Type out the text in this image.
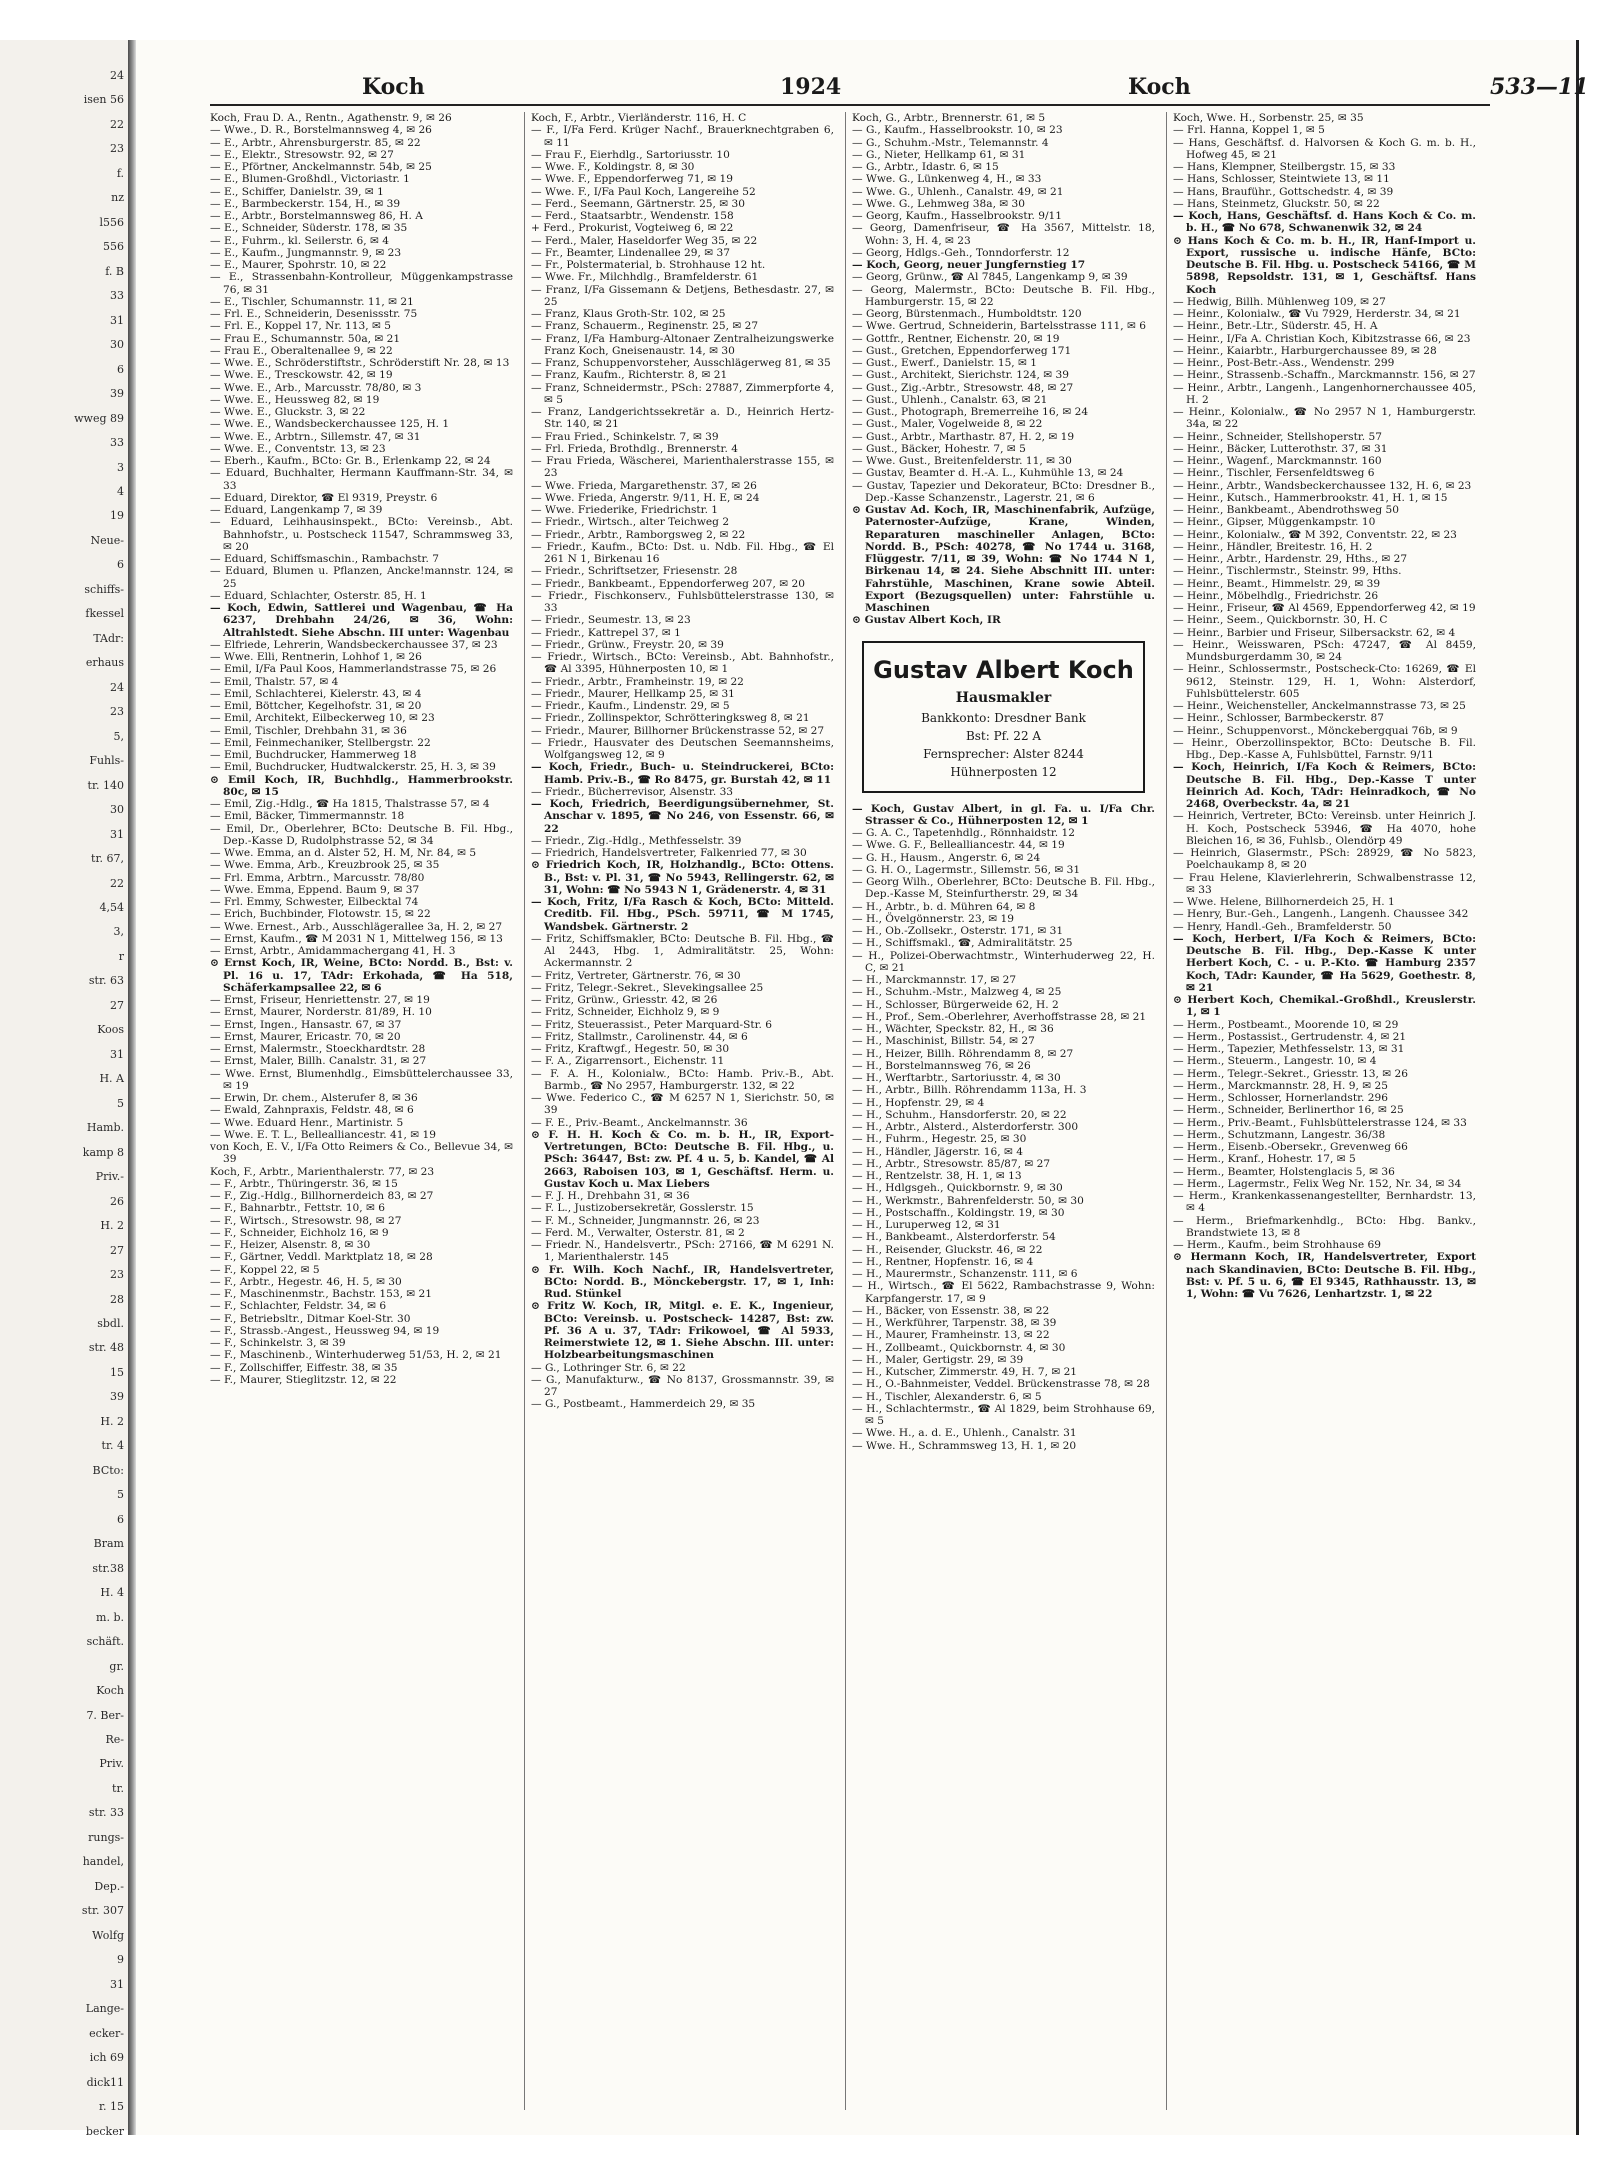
24
isen 56
22
23
f.
nz
l556
556
f. B
33
31
30
6
39
wweg 89
33
3
4
19
Neue-
6
schiffs-
fkessel
TAdr:
erhaus
24
23
5,
Fuhls-
tr. 140
30
31
tr. 67,
22
4,54
3,
r
str. 63
27
Koos
31
H. A
5
Hamb.
kamp 8
Priv.-
26
H. 2
27
23
28
sbdl.
str. 48
15
39
H. 2
tr. 4
BCto:
5
6
Bram
str.38
H. 4
m. b.
schäft.
gr.
Koch
7. Ber-
Re-
Priv.
tr.
str. 33
rungs-
handel,
Dep.-
str. 307
Wolfg
9
31
Lange-
ecker-
ich 69
dick11
r. 15
becker
Koch	1924	Koch	533—11
Koch, Frau D. A., Rentn., Agathenstr. 9, ✉ 26
— Wwe., D. R., Borstelmannsweg 4, ✉ 26
— E., Arbtr., Ahrensburgerstr. 85, ✉ 22
— E., Elektr., Stresowstr. 92, ✉ 27
— E., Pförtner, Anckelmannstr. 54b, ✉ 25
— E., Blumen-Großhdl., Victoriastr. 1
— E., Schiffer, Danielstr. 39, ✉ 1
— E., Barmbeckerstr. 154, H., ✉ 39
— E., Arbtr., Borstelmannsweg 86, H. A
— E., Schneider, Süderstr. 178, ✉ 35
— E., Fuhrm., kl. Seilerstr. 6, ✉ 4
— E., Kaufm., Jungmannstr. 9, ✉ 23
— E., Maurer, Spohrstr. 10, ✉ 22
— E., Strassenbahn-Kontrolleur, Müggenkampstrasse 76, ✉ 31
— E., Tischler, Schumannstr. 11, ✉ 21
— Frl. E., Schneiderin, Desenissstr. 75
— Frl. E., Koppel 17, Nr. 113, ✉ 5
— Frau E., Schumannstr. 50a, ✉ 21
— Frau E., Oberaltenallee 9, ✉ 22
— Wwe. E., Schröderstiftstr., Schröderstift Nr. 28, ✉ 13
— Wwe. E., Tresckowstr. 42, ✉ 19
— Wwe. E., Arb., Marcusstr. 78/80, ✉ 3
— Wwe. E., Heussweg 82, ✉ 19
— Wwe. E., Gluckstr. 3, ✉ 22
— Wwe. E., Wandsbeckerchaussee 125, H. 1
— Wwe. E., Arbtrn., Sillemstr. 47, ✉ 31
— Wwe. E., Conventstr. 13, ✉ 23
— Eberh., Kaufm., BCto: Gr. B., Erlenkamp 22, ✉ 24
— Eduard, Buchhalter, Hermann Kauffmann-Str. 34, ✉ 33
— Eduard, Direktor, ☎ El 9319, Preystr. 6
— Eduard, Langenkamp 7, ✉ 39
— Eduard, Leihhausinspekt., BCto: Vereinsb., Abt. Bahnhofstr., u. Postscheck 11547, Schrammsweg 33, ✉ 20
— Eduard, Schiffsmaschin., Rambachstr. 7
— Eduard, Blumen u. Pflanzen, Ancke!mannstr. 124, ✉ 25
— Eduard, Schlachter, Osterstr. 85, H. 1
— Koch, Edwin, Sattlerei und Wagenbau, ☎ Ha 6237, Drehbahn 24/26, ✉ 36, Wohn: Altrahlstedt. Siehe Abschn. III unter: Wagenbau
— Elfriede, Lehrerin, Wandsbeckerchaussee 37, ✉ 23
— Wwe. Elli, Rentnerin, Lohhof 1, ✉ 26
— Emil, I/Fa Paul Koos, Hammerlandstrasse 75, ✉ 26
— Emil, Thalstr. 57, ✉ 4
— Emil, Schlachterei, Kielerstr. 43, ✉ 4
— Emil, Böttcher, Kegelhofstr. 31, ✉ 20
— Emil, Architekt, Eilbeckerweg 10, ✉ 23
— Emil, Tischler, Drehbahn 31, ✉ 36
— Emil, Feinmechaniker, Stellbergstr. 22
— Emil, Buchdrucker, Hammerweg 18
— Emil, Buchdrucker, Hudtwalckerstr. 25, H. 3, ✉ 39
⊙ Emil Koch, IR, Buchhdlg., Hammerbrookstr. 80c, ✉ 15
— Emil, Zig.-Hdlg., ☎ Ha 1815, Thalstrasse 57, ✉ 4
— Emil, Bäcker, Timmermannstr. 18
— Emil, Dr., Oberlehrer, BCto: Deutsche B. Fil. Hbg., Dep.-Kasse D, Rudolphstrasse 52, ✉ 34
— Wwe. Emma, an d. Alster 52, H. M, Nr. 84, ✉ 5
— Wwe. Emma, Arb., Kreuzbrook 25, ✉ 35
— Frl. Emma, Arbtrn., Marcusstr. 78/80
— Wwe. Emma, Eppend. Baum 9, ✉ 37
— Frl. Emmy, Schwester, Eilbecktal 74
— Erich, Buchbinder, Flotowstr. 15, ✉ 22
— Wwe. Ernest., Arb., Ausschlägerallee 3a, H. 2, ✉ 27
— Ernst, Kaufm., ☎ M 2031 N 1, Mittelweg 156, ✉ 13
— Ernst, Arbtr., Amidammachergang 41, H. 3
⊙ Ernst Koch, IR, Weine, BCto: Nordd. B., Bst: v. Pl. 16 u. 17, TAdr: Erkohada, ☎ Ha 518, Schäferkampsallee 22, ✉ 6
— Ernst, Friseur, Henriettenstr. 27, ✉ 19
— Ernst, Maurer, Norderstr. 81/89, H. 10
— Ernst, Ingen., Hansastr. 67, ✉ 37
— Ernst, Maurer, Ericastr. 70, ✉ 20
— Ernst, Malermstr., Stoeckhardtstr. 28
— Ernst, Maler, Billh. Canalstr. 31, ✉ 27
— Wwe. Ernst, Blumenhdlg., Eimsbüttelerchaussee 33, ✉ 19
— Erwin, Dr. chem., Alsterufer 8, ✉ 36
— Ewald, Zahnpraxis, Feldstr. 48, ✉ 6
— Wwe. Eduard Henr., Martinistr. 5
— Wwe. E. T. L., Bellealliancestr. 41, ✉ 19
von Koch, E. V., I/Fa Otto Reimers & Co., Bellevue 34, ✉ 39
Koch, F., Arbtr., Marienthalerstr. 77, ✉ 23
— F., Arbtr., Thüringerstr. 36, ✉ 15
— F., Zig.-Hdlg., Billhornerdeich 83, ✉ 27
— F., Bahnarbtr., Fettstr. 10, ✉ 6
— F., Wirtsch., Stresowstr. 98, ✉ 27
— F., Schneider, Eichholz 16, ✉ 9
— F., Heizer, Alsenstr. 8, ✉ 30
— F., Gärtner, Veddl. Marktplatz 18, ✉ 28
— F., Koppel 22, ✉ 5
— F., Arbtr., Hegestr. 46, H. 5, ✉ 30
— F., Maschinenmstr., Bachstr. 153, ✉ 21
— F., Schlachter, Feldstr. 34, ✉ 6
— F., Betriebsltr., Ditmar Koel-Str. 30
— F., Strassb.-Angest., Heussweg 94, ✉ 19
— F., Schinkelstr. 3, ✉ 39
— F., Maschinenb., Winterhuderweg 51/53, H. 2, ✉ 21
— F., Zollschiffer, Eiffestr. 38, ✉ 35
— F., Maurer, Stieglitzstr. 12, ✉ 22
Koch, F., Arbtr., Vierländerstr. 116, H. C
— F., I/Fa Ferd. Krüger Nachf., Brauerknechtgraben 6, ✉ 11
— Frau F., Eierhdlg., Sartoriusstr. 10
— Wwe. F., Koldingstr. 8, ✉ 30
— Wwe. F., Eppendorferweg 71, ✉ 19
— Wwe. F., I/Fa Paul Koch, Langereihe 52
— Ferd., Seemann, Gärtnerstr. 25, ✉ 30
— Ferd., Staatsarbtr., Wendenstr. 158
+ Ferd., Prokurist, Vogteiweg 6, ✉ 22
— Ferd., Maler, Haseldorfer Weg 35, ✉ 22
— Fr., Beamter, Lindenallee 29, ✉ 37
— Fr., Polstermaterial, b. Strohhause 12 ht.
— Wwe. Fr., Milchhdlg., Bramfelderstr. 61
— Franz, I/Fa Gissemann & Detjens, Bethesdastr. 27, ✉ 25
— Franz, Klaus Groth-Str. 102, ✉ 25
— Franz, Schauerm., Reginenstr. 25, ✉ 27
— Franz, I/Fa Hamburg-Altonaer Zentralheizungswerke Franz Koch, Gneisenaustr. 14, ✉ 30
— Franz, Schuppenvorsteher, Ausschlägerweg 81, ✉ 35
— Franz, Kaufm., Richterstr. 8, ✉ 21
— Franz, Schneidermstr., PSch: 27887, Zimmerpforte 4, ✉ 5
— Franz, Landgerichtssekretär a. D., Heinrich Hertz-Str. 140, ✉ 21
— Frau Fried., Schinkelstr. 7, ✉ 39
— Frl. Frieda, Brothdlg., Brennerstr. 4
— Frau Frieda, Wäscherei, Marienthalerstrasse 155, ✉ 23
— Wwe. Frieda, Margarethenstr. 37, ✉ 26
— Wwe. Frieda, Angerstr. 9/11, H. E, ✉ 24
— Wwe. Friederike, Friedrichstr. 1
— Friedr., Wirtsch., alter Teichweg 2
— Friedr., Arbtr., Ramborgsweg 2, ✉ 22
— Friedr., Kaufm., BCto: Dst. u. Ndb. Fil. Hbg., ☎ El 261 N 1, Birkenau 16
— Friedr., Schriftsetzer, Friesenstr. 28
— Friedr., Bankbeamt., Eppendorferweg 207, ✉ 20
— Friedr., Fischkonserv., Fuhlsbüttelerstrasse 130, ✉ 33
— Friedr., Seumestr. 13, ✉ 23
— Friedr., Kattrepel 37, ✉ 1
— Friedr., Grünw., Freystr. 20, ✉ 39
— Friedr., Wirtsch., BCto: Vereinsb., Abt. Bahnhofstr., ☎ Al 3395, Hühnerposten 10, ✉ 1
— Friedr., Arbtr., Framheinstr. 19, ✉ 22
— Friedr., Maurer, Hellkamp 25, ✉ 31
— Friedr., Kaufm., Lindenstr. 29, ✉ 5
— Friedr., Zollinspektor, Schrötteringksweg 8, ✉ 21
— Friedr., Maurer, Billhorner Brückenstrasse 52, ✉ 27
— Friedr., Hausvater des Deutschen Seemannsheims, Wolfgangsweg 12, ✉ 9
— Koch, Friedr., Buch- u. Steindruckerei, BCto: Hamb. Priv.-B., ☎ Ro 8475, gr. Burstah 42, ✉ 11
— Friedr., Bücherrevisor, Alsenstr. 33
— Koch, Friedrich, Beerdigungsübernehmer, St. Anschar v. 1895, ☎ No 246, von Essenstr. 66, ✉ 22
— Friedr., Zig.-Hdlg., Methfesselstr. 39
— Friedrich, Handelsvertreter, Falkenried 77, ✉ 30
⊙ Friedrich Koch, IR, Holzhandlg., BCto: Ottens. B., Bst: v. Pl. 31, ☎ No 5943, Rellingerstr. 62, ✉ 31, Wohn: ☎ No 5943 N 1, Grädenerstr. 4, ✉ 31
— Koch, Fritz, I/Fa Rasch & Koch, BCto: Mitteld. Creditb. Fil. Hbg., PSch. 59711, ☎ M 1745, Wandsbek. Gärtnerstr. 2
— Fritz, Schiffsmakler, BCto: Deutsche B. Fil. Hbg., ☎ Al 2443, Hbg. 1, Admiralitätstr. 25, Wohn: Ackermannstr. 2
— Fritz, Vertreter, Gärtnerstr. 76, ✉ 30
— Fritz, Telegr.-Sekret., Slevekingsallee 25
— Fritz, Grünw., Griesstr. 42, ✉ 26
— Fritz, Schneider, Eichholz 9, ✉ 9
— Fritz, Steuerassist., Peter Marquard-Str. 6
— Fritz, Stallmstr., Carolinenstr. 44, ✉ 6
— Fritz, Kraftwgf., Hegestr. 50, ✉ 30
— F. A., Zigarrensort., Eichenstr. 11
— F. A. H., Kolonialw., BCto: Hamb. Priv.-B., Abt. Barmb., ☎ No 2957, Hamburgerstr. 132, ✉ 22
— Wwe. Federico C., ☎ M 6257 N 1, Sierichstr. 50, ✉ 39
— F. E., Priv.-Beamt., Anckelmannstr. 36
⊙ F. H. H. Koch & Co. m. b. H., IR, Export-Vertretungen, BCto: Deutsche B. Fil. Hbg., u. PSch: 36447, Bst: zw. Pf. 4 u. 5, b. Kandel, ☎ Al 2663, Raboisen 103, ✉ 1, Geschäftsf. Herm. u. Gustav Koch u. Max Liebers
— F. J. H., Drehbahn 31, ✉ 36
— F. L., Justizobersekretär, Gosslerstr. 15
— F. M., Schneider, Jungmannstr. 26, ✉ 23
— Ferd. M., Verwalter, Osterstr. 81, ✉ 2
— Friedr. N., Handelsvertr., PSch: 27166, ☎ M 6291 N. 1, Marienthalerstr. 145
⊙ Fr. Wilh. Koch Nachf., IR, Handelsvertreter, BCto: Nordd. B., Mönckebergstr. 17, ✉ 1, Inh: Rud. Stünkel
⊙ Fritz W. Koch, IR, Mitgl. e. E. K., Ingenieur, BCto: Vereinsb. u. Postscheck- 14287, Bst: zw. Pf. 36 A u. 37, TAdr: Frikowoel, ☎ Al 5933, Reimerstwiete 12, ✉ 1. Siehe Abschn. III. unter: Holzbearbeitungsmaschinen
— G., Lothringer Str. 6, ✉ 22
— G., Manufakturw., ☎ No 8137, Grossmannstr. 39, ✉ 27
— G., Postbeamt., Hammerdeich 29, ✉ 35
Koch, G., Arbtr., Brennerstr. 61, ✉ 5
— G., Kaufm., Hasselbrookstr. 10, ✉ 23
— G., Schuhm.-Mstr., Telemannstr. 4
— G., Nieter, Hellkamp 61, ✉ 31
— G., Arbtr., Idastr. 6, ✉ 15
— Wwe. G., Lünkenweg 4, H., ✉ 33
— Wwe. G., Uhlenh., Canalstr. 49, ✉ 21
— Wwe. G., Lehmweg 38a, ✉ 30
— Georg, Kaufm., Hasselbrookstr. 9/11
— Georg, Damenfriseur, ☎ Ha 3567, Mittelstr. 18, Wohn: 3, H. 4, ✉ 23
— Georg, Hdlgs.-Geh., Tonndorferstr. 12
— Koch, Georg, neuer Jungfernstieg 17
— Georg, Grünw., ☎ Al 7845, Langenkamp 9, ✉ 39
— Georg, Malermstr., BCto: Deutsche B. Fil. Hbg., Hamburgerstr. 15, ✉ 22
— Georg, Bürstenmach., Humboldtstr. 120
— Wwe. Gertrud, Schneiderin, Bartelsstrasse 111, ✉ 6
— Gottfr., Rentner, Eichenstr. 20, ✉ 19
— Gust., Gretchen, Eppendorferweg 171
— Gust., Ewerf., Danielstr. 15, ✉ 1
— Gust., Architekt, Sierichstr. 124, ✉ 39
— Gust., Zig.-Arbtr., Stresowstr. 48, ✉ 27
— Gust., Uhlenh., Canalstr. 63, ✉ 21
— Gust., Photograph, Bremerreihe 16, ✉ 24
— Gust., Maler, Vogelweide 8, ✉ 22
— Gust., Arbtr., Marthastr. 87, H. 2, ✉ 19
— Gust., Bäcker, Hohestr. 7, ✉ 5
— Wwe. Gust., Breitenfelderstr. 11, ✉ 30
— Gustav, Beamter d. H.-A. L., Kuhmühle 13, ✉ 24
— Gustav, Tapezier und Dekorateur, BCto: Dresdner B., Dep.-Kasse Schanzenstr., Lagerstr. 21, ✉ 6
⊙ Gustav Ad. Koch, IR, Maschinenfabrik, Aufzüge, Paternoster-Aufzüge, Krane, Winden, Reparaturen maschineller Anlagen, BCto: Nordd. B., PSch: 40278, ☎ No 1744 u. 3168, Flüggestr. 7/11, ✉ 39, Wohn: ☎ No 1744 N 1, Birkenau 14, ✉ 24. Siehe Abschnitt III. unter: Fahrstühle, Maschinen, Krane sowie Abteil. Export (Bezugsquellen) unter: Fahrstühle u. Maschinen
⊙ Gustav Albert Koch, IR
Gustav Albert Koch
Hausmakler
Bankkonto: Dresdner Bank
Bst: Pf. 22 A
Fernsprecher: Alster 8244
Hühnerposten 12
— Koch, Gustav Albert, in gl. Fa. u. I/Fa Chr. Strasser & Co., Hühnerposten 12, ✉ 1
— G. A. C., Tapetenhdlg., Rönnhaidstr. 12
— Wwe. G. F., Bellealliancestr. 44, ✉ 19
— G. H., Hausm., Angerstr. 6, ✉ 24
— G. H. O., Lagermstr., Sillemstr. 56, ✉ 31
— Georg Wilh., Oberlehrer, BCto: Deutsche B. Fil. Hbg., Dep.-Kasse M, Steinfurtherstr. 29, ✉ 34
— H., Arbtr., b. d. Mühren 64, ✉ 8
— H., Övelgönnerstr. 23, ✉ 19
— H., Ob.-Zollsekr., Osterstr. 171, ✉ 31
— H., Schiffsmakl., ☎, Admiralitätstr. 25
— H., Polizei-Oberwachtmstr., Winterhuderweg 22, H. C, ✉ 21
— H., Marckmannstr. 17, ✉ 27
— H., Schuhm.-Mstr., Malzweg 4, ✉ 25
— H., Schlosser, Bürgerweide 62, H. 2
— H., Prof., Sem.-Oberlehrer, Averhoffstrasse 28, ✉ 21
— H., Wächter, Speckstr. 82, H., ✉ 36
— H., Maschinist, Billstr. 54, ✉ 27
— H., Heizer, Billh. Röhrendamm 8, ✉ 27
— H., Borstelmannsweg 76, ✉ 26
— H., Werftarbtr., Sartoriusstr. 4, ✉ 30
— H., Arbtr., Billh. Röhrendamm 113a, H. 3
— H., Hopfenstr. 29, ✉ 4
— H., Schuhm., Hansdorferstr. 20, ✉ 22
— H., Arbtr., Alsterd., Alsterdorferstr. 300
— H., Fuhrm., Hegestr. 25, ✉ 30
— H., Händler, Jägerstr. 16, ✉ 4
— H., Arbtr., Stresowstr. 85/87, ✉ 27
— H., Rentzelstr. 38, H. 1, ✉ 13
— H., Hdlgsgeh., Quickbornstr. 9, ✉ 30
— H., Werkmstr., Bahrenfelderstr. 50, ✉ 30
— H., Postschaffn., Koldingstr. 19, ✉ 30
— H., Luruperweg 12, ✉ 31
— H., Bankbeamt., Alsterdorferstr. 54
— H., Reisender, Gluckstr. 46, ✉ 22
— H., Rentner, Hopfenstr. 16, ✉ 4
— H., Maurermstr., Schanzenstr. 111, ✉ 6
— H., Wirtsch., ☎ El 5622, Rambachstrasse 9, Wohn: Karpfangerstr. 17, ✉ 9
— H., Bäcker, von Essenstr. 38, ✉ 22
— H., Werkführer, Tarpenstr. 38, ✉ 39
— H., Maurer, Framheinstr. 13, ✉ 22
— H., Zollbeamt., Quickbornstr. 4, ✉ 30
— H., Maler, Gertigstr. 29, ✉ 39
— H., Kutscher, Zimmerstr. 49, H. 7, ✉ 21
— H., O.-Bahnmeister, Veddel. Brückenstrasse 78, ✉ 28
— H., Tischler, Alexanderstr. 6, ✉ 5
— H., Schlachtermstr., ☎ Al 1829, beim Strohhause 69, ✉ 5
— Wwe. H., a. d. E., Uhlenh., Canalstr. 31
— Wwe. H., Schrammsweg 13, H. 1, ✉ 20
Koch, Wwe. H., Sorbenstr. 25, ✉ 35
— Frl. Hanna, Koppel 1, ✉ 5
— Hans, Geschäftsf. d. Halvorsen & Koch G. m. b. H., Hofweg 45, ✉ 21
— Hans, Klempner, Steilbergstr. 15, ✉ 33
— Hans, Schlosser, Steintwiete 13, ✉ 11
— Hans, Brauführ., Gottschedstr. 4, ✉ 39
— Hans, Steinmetz, Gluckstr. 50, ✉ 22
— Koch, Hans, Geschäftsf. d. Hans Koch & Co. m. b. H., ☎ No 678, Schwanenwik 32, ✉ 24
⊙ Hans Koch & Co. m. b. H., IR, Hanf-Import u. Export, russische u. indische Hänfe, BCto: Deutsche B. Fil. Hbg. u. Postscheck 54166, ☎ M 5898, Repsoldstr. 131, ✉ 1, Geschäftsf. Hans Koch
— Hedwig, Billh. Mühlenweg 109, ✉ 27
— Heinr., Kolonialw., ☎ Vu 7929, Herderstr. 34, ✉ 21
— Heinr., Betr.-Ltr., Süderstr. 45, H. A
— Heinr., I/Fa A. Christian Koch, Kibitzstrasse 66, ✉ 23
— Heinr., Kaiarbtr., Harburgerchaussee 89, ✉ 28
— Heinr., Post-Betr.-Ass., Wendenstr. 299
— Heinr., Strassenb.-Schaffn., Marckmannstr. 156, ✉ 27
— Heinr., Arbtr., Langenh., Langenhornerchaussee 405, H. 2
— Heinr., Kolonialw., ☎ No 2957 N 1, Hamburgerstr. 34a, ✉ 22
— Heinr., Schneider, Stellshoperstr. 57
— Heinr., Bäcker, Lutterothstr. 37, ✉ 31
— Heinr., Wagenf., Marckmannstr. 160
— Heinr., Tischler, Fersenfeldtsweg 6
— Heinr., Arbtr., Wandsbeckerchaussee 132, H. 6, ✉ 23
— Heinr., Kutsch., Hammerbrookstr. 41, H. 1, ✉ 15
— Heinr., Bankbeamt., Abendrothsweg 50
— Heinr., Gipser, Müggenkampstr. 10
— Heinr., Kolonialw., ☎ M 392, Conventstr. 22, ✉ 23
— Heinr., Händler, Breitestr. 16, H. 2
— Heinr., Arbtr., Hardenstr. 29, Hths., ✉ 27
— Heinr., Tischlermstr., Steinstr. 99, Hths.
— Heinr., Beamt., Himmelstr. 29, ✉ 39
— Heinr., Möbelhdlg., Friedrichstr. 26
— Heinr., Friseur, ☎ Al 4569, Eppendorferweg 42, ✉ 19
— Heinr., Seem., Quickbornstr. 30, H. C
— Heinr., Barbier und Friseur, Silbersackstr. 62, ✉ 4
— Heinr., Weisswaren, PSch: 47247, ☎ Al 8459, Mundsburgerdamm 30, ✉ 24
— Heinr., Schlossermstr., Postscheck-Cto: 16269, ☎ El 9612, Steinstr. 129, H. 1, Wohn: Alsterdorf, Fuhlsbüttelerstr. 605
— Heinr., Weichensteller, Anckelmannstrasse 73, ✉ 25
— Heinr., Schlosser, Barmbeckerstr. 87
— Heinr., Schuppenvorst., Mönckebergquai 76b, ✉ 9
— Heinr., Oberzollinspektor, BCto: Deutsche B. Fil. Hbg., Dep.-Kasse A, Fuhlsbüttel, Farnstr. 9/11
— Koch, Heinrich, I/Fa Koch & Reimers, BCto: Deutsche B. Fil. Hbg., Dep.-Kasse T unter Heinrich Ad. Koch, TAdr: Heinradkoch, ☎ No 2468, Overbeckstr. 4a, ✉ 21
— Heinrich, Vertreter, BCto: Vereinsb. unter Heinrich J. H. Koch, Postscheck 53946, ☎ Ha 4070, hohe Bleichen 16, ✉ 36, Fuhlsb., Olendörp 49
— Heinrich, Glasermstr., PSch: 28929, ☎ No 5823, Poelchaukamp 8, ✉ 20
— Frau Helene, Klavierlehrerin, Schwalbenstrasse 12, ✉ 33
— Wwe. Helene, Billhornerdeich 25, H. 1
— Henry, Bur.-Geh., Langenh., Langenh. Chaussee 342
— Henry, Handl.-Geh., Bramfelderstr. 50
— Koch, Herbert, I/Fa Koch & Reimers, BCto: Deutsche B. Fil. Hbg., Dep.-Kasse K unter Herbert Koch, C. - u. P.-Kto. ☎ Hamburg 2357 Koch, TAdr: Kaunder, ☎ Ha 5629, Goethestr. 8, ✉ 21
⊙ Herbert Koch, Chemikal.-Großhdl., Kreuslerstr. 1, ✉ 1
— Herm., Postbeamt., Moorende 10, ✉ 29
— Herm., Postassist., Gertrudenstr. 4, ✉ 21
— Herm., Tapezier, Methfesselstr. 13, ✉ 31
— Herm., Steuerm., Langestr. 10, ✉ 4
— Herm., Telegr.-Sekret., Griesstr. 13, ✉ 26
— Herm., Marckmannstr. 28, H. 9, ✉ 25
— Herm., Schlosser, Hornerlandstr. 296
— Herm., Schneider, Berlinerthor 16, ✉ 25
— Herm., Priv.-Beamt., Fuhlsbüttelerstrasse 124, ✉ 33
— Herm., Schutzmann, Langestr. 36/38
— Herm., Eisenb.-Obersekr., Grevenweg 66
— Herm., Kranf., Hohestr. 17, ✉ 5
— Herm., Beamter, Holstenglacis 5, ✉ 36
— Herm., Lagermstr., Felix Weg Nr. 152, Nr. 34, ✉ 34
— Herm., Krankenkassenangestellter, Bernhardstr. 13, ✉ 4
— Herm., Briefmarkenhdlg., BCto: Hbg. Bankv., Brandstwiete 13, ✉ 8
— Herm., Kaufm., beim Strohhause 69
⊙ Hermann Koch, IR, Handelsvertreter, Export nach Skandinavien, BCto: Deutsche B. Fil. Hbg., Bst: v. Pf. 5 u. 6, ☎ El 9345, Rathhausstr. 13, ✉ 1, Wohn: ☎ Vu 7626, Lenhartzstr. 1, ✉ 22
